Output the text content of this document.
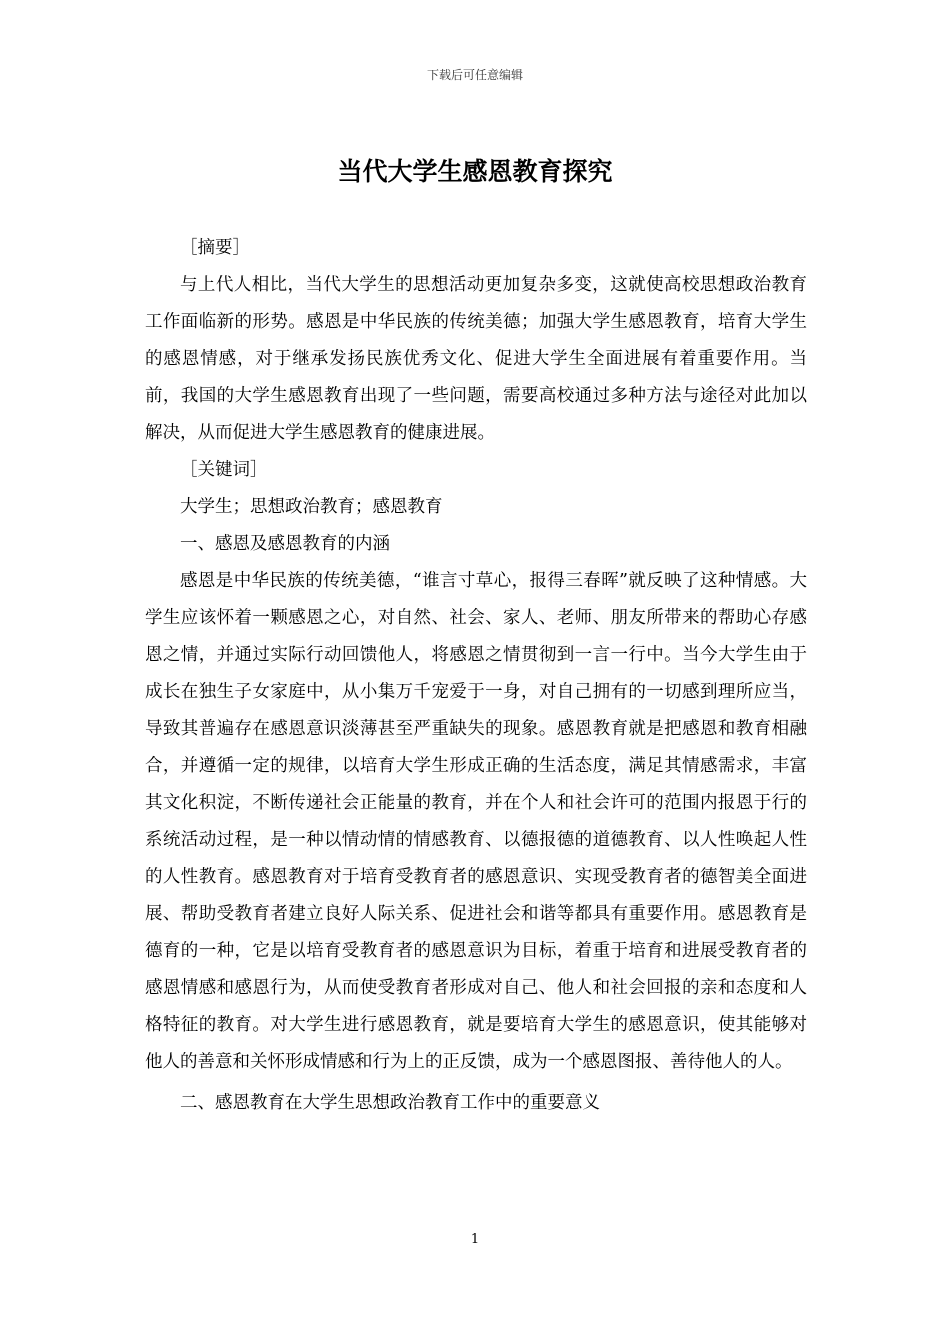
下载后可任意编辑
当代大学生感恩教育探究

［摘要］

与上代人相比，当代大学生的思想活动更加复杂多变，这就使高校思想政治教育工作面临新的形势。感恩是中华民族的传统美德；加强大学生感恩教育，培育大学生的感恩情感，对于继承发扬民族优秀文化、促进大学生全面进展有着重要作用。当前，我国的大学生感恩教育出现了一些问题，需要高校通过多种方法与途径对此加以解决，从而促进大学生感恩教育的健康进展。

［关键词］

大学生；思想政治教育；感恩教育

一、感恩及感恩教育的内涵

感恩是中华民族的传统美德，“谁言寸草心，报得三春晖”就反映了这种情感。大学生应该怀着一颗感恩之心，对自然、社会、家人、老师、朋友所带来的帮助心存感恩之情，并通过实际行动回馈他人，将感恩之情贯彻到一言一行中。当今大学生由于成长在独生子女家庭中，从小集万千宠爱于一身，对自己拥有的一切感到理所应当，导致其普遍存在感恩意识淡薄甚至严重缺失的现象。感恩教育就是把感恩和教育相融合，并遵循一定的规律，以培育大学生形成正确的生活态度，满足其情感需求，丰富其文化积淀，不断传递社会正能量的教育，并在个人和社会许可的范围内报恩于行的系统活动过程，是一种以情动情的情感教育、以德报德的道德教育、以人性唤起人性的人性教育。感恩教育对于培育受教育者的感恩意识、实现受教育者的德智美全面进展、帮助受教育者建立良好人际关系、促进社会和谐等都具有重要作用。感恩教育是德育的一种，它是以培育受教育者的感恩意识为目标，着重于培育和进展受教育者的感恩情感和感恩行为，从而使受教育者形成对自己、他人和社会回报的亲和态度和人格特征的教育。对大学生进行感恩教育，就是要培育大学生的感恩意识，使其能够对他人的善意和关怀形成情感和行为上的正反馈，成为一个感恩图报、善待他人的人。

二、感恩教育在大学生思想政治教育工作中的重要意义

1
